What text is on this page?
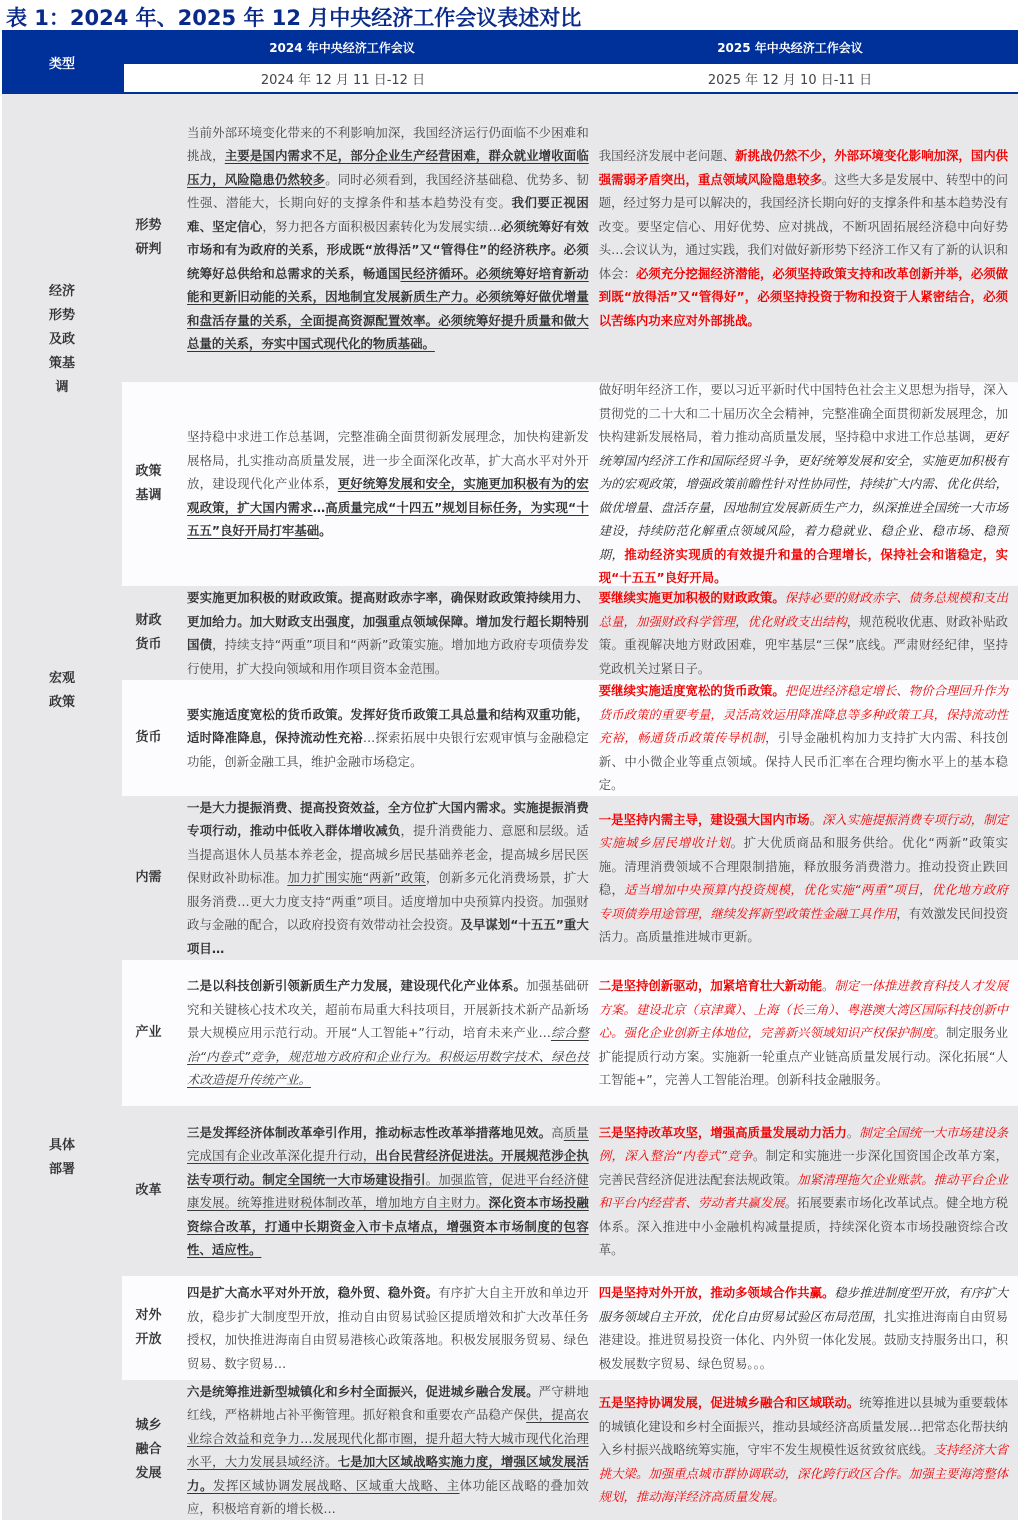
表 1：2024 年、2025 年 12 月中央经济工作会议表述对比
类型
2024 年中央经济工作会议	2025 年中央经济工作会议
2024 年 12 月 11 日-12 日	2025 年 12 月 10 日-11 日
经济
形势
及政
策基
调
宏观
政策
具体
部署
形势
研判

当前外部环境变化带来的不利影响加深，我国经济运行仍面临不少困难和挑战，主要是国内需求不足，部分企业生产经营困难，群众就业增收面临压力，风险隐患仍然较多。同时必须看到，我国经济基础稳、优势多、韧性强、潜能大，长期向好的支撑条件和基本趋势没有变。我们要正视困难、坚定信心，努力把各方面积极因素转化为发展实绩…必须统筹好有效市场和有为政府的关系，形成既“放得活”又“管得住”的经济秩序。必须统筹好总供给和总需求的关系，畅通国民经济循环。必须统筹好培育新动能和更新旧动能的关系，因地制宜发展新质生产力。必须统筹好做优增量和盘活存量的关系，全面提高资源配置效率。必须统筹好提升质量和做大总量的关系，夯实中国式现代化的物质基础。

我国经济发展中老问题、新挑战仍然不少，外部环境变化影响加深，国内供强需弱矛盾突出，重点领域风险隐患较多。这些大多是发展中、转型中的问题，经过努力是可以解决的，我国经济长期向好的支撑条件和基本趋势没有改变。要坚定信心、用好优势、应对挑战，不断巩固拓展经济稳中向好势头…会议认为，通过实践，我们对做好新形势下经济工作又有了新的认识和体会：必须充分挖掘经济潜能，必须坚持政策支持和改革创新并举，必须做到既“放得活”又“管得好”，必须坚持投资于物和投资于人紧密结合，必须以苦练内功来应对外部挑战。

政策
基调

坚持稳中求进工作总基调，完整准确全面贯彻新发展理念，加快构建新发展格局，扎实推动高质量发展，进一步全面深化改革，扩大高水平对外开放，建设现代化产业体系，更好统筹发展和安全，实施更加积极有为的宏观政策，扩大国内需求…高质量完成“十四五”规划目标任务，为实现“十五五”良好开局打牢基础。

做好明年经济工作，要以习近平新时代中国特色社会主义思想为指导，深入贯彻党的二十大和二十届历次全会精神，完整准确全面贯彻新发展理念，加快构建新发展格局，着力推动高质量发展，坚持稳中求进工作总基调，更好统筹国内经济工作和国际经贸斗争，更好统筹发展和安全，实施更加积极有为的宏观政策，增强政策前瞻性针对性协同性，持续扩大内需、优化供给，做优增量、盘活存量，因地制宜发展新质生产力，纵深推进全国统一大市场建设，持续防范化解重点领域风险，着力稳就业、稳企业、稳市场、稳预期，推动经济实现质的有效提升和量的合理增长，保持社会和谐稳定，实现“十五五”良好开局。

财政
货币

要实施更加积极的财政政策。提高财政赤字率，确保财政政策持续用力、更加给力。加大财政支出强度，加强重点领域保障。增加发行超长期特别国债，持续支持“两重”项目和“两新”政策实施。增加地方政府专项债券发行使用，扩大投向领域和用作项目资本金范围。

要继续实施更加积极的财政政策。保持必要的财政赤字、债务总规模和支出总量，加强财政科学管理，优化财政支出结构，规范税收优惠、财政补贴政策。重视解决地方财政困难，兜牢基层“三保”底线。严肃财经纪律，坚持党政机关过紧日子。

货币

要实施适度宽松的货币政策。发挥好货币政策工具总量和结构双重功能，适时降准降息，保持流动性充裕…探索拓展中央银行宏观审慎与金融稳定功能，创新金融工具，维护金融市场稳定。

要继续实施适度宽松的货币政策。把促进经济稳定增长、物价合理回升作为货币政策的重要考量，灵活高效运用降准降息等多种政策工具，保持流动性充裕，畅通货币政策传导机制，引导金融机构加力支持扩大内需、科技创新、中小微企业等重点领域。保持人民币汇率在合理均衡水平上的基本稳定。

内需

一是大力提振消费、提高投资效益，全方位扩大国内需求。实施提振消费专项行动，推动中低收入群体增收减负，提升消费能力、意愿和层级。适当提高退休人员基本养老金，提高城乡居民基础养老金，提高城乡居民医保财政补助标准。加力扩围实施“两新”政策，创新多元化消费场景，扩大服务消费…更大力度支持“两重”项目。适度增加中央预算内投资。加强财政与金融的配合，以政府投资有效带动社会投资。及早谋划“十五五”重大项目…

一是坚持内需主导，建设强大国内市场。深入实施提振消费专项行动，制定实施城乡居民增收计划。扩大优质商品和服务供给。优化“两新”政策实施。清理消费领域不合理限制措施，释放服务消费潜力。推动投资止跌回稳，适当增加中央预算内投资规模，优化实施“两重”项目，优化地方政府专项债券用途管理，继续发挥新型政策性金融工具作用，有效激发民间投资活力。高质量推进城市更新。

产业

二是以科技创新引领新质生产力发展，建设现代化产业体系。加强基础研究和关键核心技术攻关，超前布局重大科技项目，开展新技术新产品新场景大规模应用示范行动。开展“人工智能+”行动，培育未来产业…综合整治“内卷式”竞争，规范地方政府和企业行为。积极运用数字技术、绿色技术改造提升传统产业。

二是坚持创新驱动，加紧培育壮大新动能。制定一体推进教育科技人才发展方案。建设北京（京津冀）、上海（长三角）、粤港澳大湾区国际科技创新中心。强化企业创新主体地位，完善新兴领域知识产权保护制度。制定服务业扩能提质行动方案。实施新一轮重点产业链高质量发展行动。深化拓展“人工智能+”，完善人工智能治理。创新科技金融服务。

改革

三是发挥经济体制改革牵引作用，推动标志性改革举措落地见效。高质量完成国有企业改革深化提升行动，出台民营经济促进法。开展规范涉企执法专项行动。制定全国统一大市场建设指引。加强监管，促进平台经济健康发展。统筹推进财税体制改革，增加地方自主财力。深化资本市场投融资综合改革，打通中长期资金入市卡点堵点，增强资本市场制度的包容性、适应性。

三是坚持改革攻坚，增强高质量发展动力活力。制定全国统一大市场建设条例，深入整治“内卷式”竞争。制定和实施进一步深化国资国企改革方案，完善民营经济促进法配套法规政策。加紧清理拖欠企业账款。推动平台企业和平台内经营者、劳动者共赢发展。拓展要素市场化改革试点。健全地方税体系。深入推进中小金融机构减量提质，持续深化资本市场投融资综合改革。

对外
开放

四是扩大高水平对外开放，稳外贸、稳外资。有序扩大自主开放和单边开放，稳步扩大制度型开放，推动自由贸易试验区提质增效和扩大改革任务授权，加快推进海南自由贸易港核心政策落地。积极发展服务贸易、绿色贸易、数字贸易…

四是坚持对外开放，推动多领域合作共赢。稳步推进制度型开放，有序扩大服务领域自主开放，优化自由贸易试验区布局范围，扎实推进海南自由贸易港建设。推进贸易投资一体化、内外贸一体化发展。鼓励支持服务出口，积极发展数字贸易、绿色贸易。。。

城乡
融合
发展

六是统筹推进新型城镇化和乡村全面振兴，促进城乡融合发展。严守耕地红线，严格耕地占补平衡管理。抓好粮食和重要农产品稳产保供，提高农业综合效益和竞争力…发展现代化都市圈，提升超大特大城市现代化治理水平，大力发展县域经济。七是加大区域战略实施力度，增强区域发展活力。发挥区域协调发展战略、区域重大战略、主体功能区战略的叠加效应，积极培育新的增长极…

五是坚持协调发展，促进城乡融合和区域联动。统筹推进以县城为重要载体的城镇化建设和乡村全面振兴，推动县域经济高质量发展…把常态化帮扶纳入乡村振兴战略统筹实施，守牢不发生规模性返贫致贫底线。支持经济大省挑大梁。加强重点城市群协调联动，深化跨行政区合作。加强主要海湾整体规划，推动海洋经济高质量发展。
